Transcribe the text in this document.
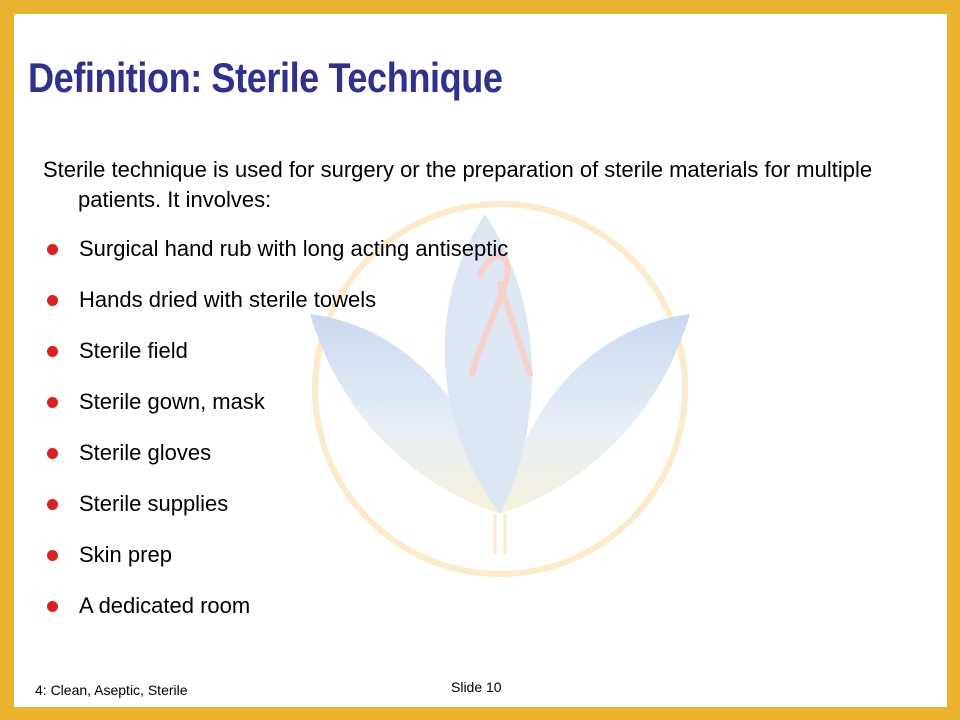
Definition: Sterile Technique
Sterile technique is used for surgery or the preparation of sterile materials for multiple patients. It involves:
Surgical hand rub with long acting antiseptic
Hands dried with sterile towels
Sterile field
Sterile gown, mask
Sterile gloves
Sterile supplies
Skin prep
A dedicated room
4: Clean, Aseptic, Sterile	Slide 10
